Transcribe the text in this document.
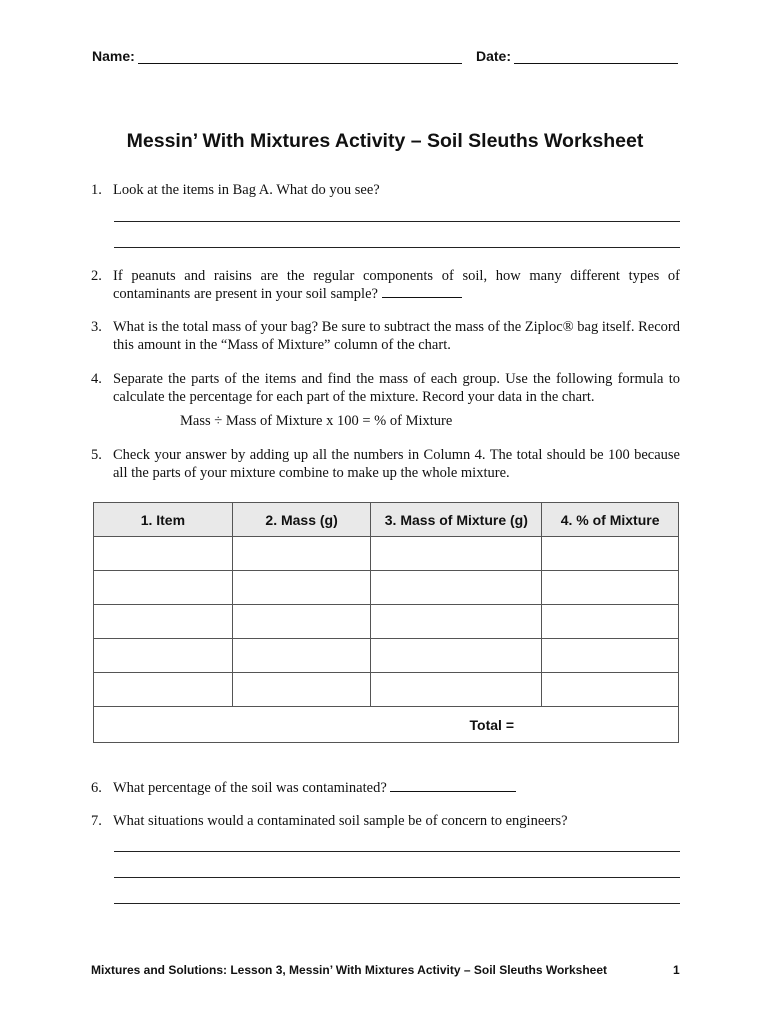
Name:	Date:
Messin’ With Mixtures Activity – Soil Sleuths Worksheet
1. Look at the items in Bag A. What do you see?
2. If peanuts and raisins are the regular components of soil, how many different types of contaminants are present in your soil sample?
3. What is the total mass of your bag? Be sure to subtract the mass of the Ziploc® bag itself. Record this amount in the “Mass of Mixture” column of the chart.
4. Separate the parts of the items and find the mass of each group. Use the following formula to calculate the percentage for each part of the mixture. Record your data in the chart.
Mass ÷ Mass of Mixture x 100 = % of Mixture
5. Check your answer by adding up all the numbers in Column 4. The total should be 100 because all the parts of your mixture combine to make up the whole mixture.
1. Item	2. Mass (g)	3. Mass of Mixture (g)	4. % of Mixture

Total =			
6. What percentage of the soil was contaminated?
7. What situations would a contaminated soil sample be of concern to engineers?
Mixtures and Solutions: Lesson 3, Messin’ With Mixtures Activity – Soil Sleuths Worksheet	1
